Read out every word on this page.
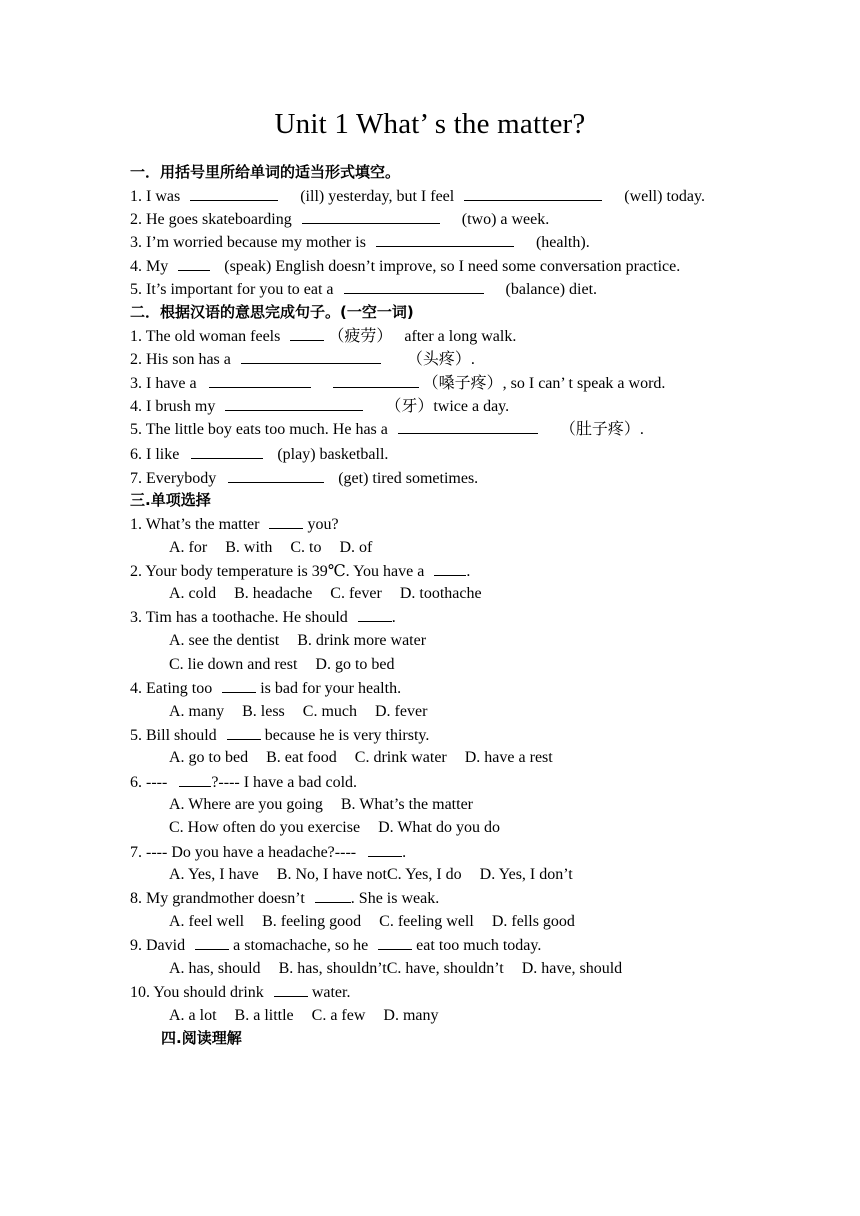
Unit 1 What’ s the matter?
一．用括号里所给单词的适当形式填空。
1. I was	(ill) yesterday, but I feel	(well) today.
2. He goes skateboarding	(two) a week.
3. I’m worried because my mother is	(health).
4. My	(speak) English doesn’t improve, so I need some conversation practice.
5. It’s important for you to eat a	(balance) diet.
二．根据汉语的意思完成句子。(一空一词)
1. The old woman feels	（疲劳） after a long walk.
2. His son has a	（头疼）.
3. I have a	（嗓子疼）, so I can’ t speak a word.
4. I brush my	（牙）twice a day.
5. The little boy eats too much. He has a	（肚子疼）.
6. I like	(play) basketball.
7. Everybody	(get) tired sometimes.
三.单项选择
1. What’s the matter	you?
A. for B. with C. to D. of
2. Your body temperature is 39℃. You have a	.
A. cold B. headache C. fever D. toothache
3. Tim has a toothache. He should	.
A. see the dentist B. drink more water
C. lie down and rest D. go to bed
4. Eating too	is bad for your health.
A. many B. less C. much D. fever
5. Bill should	because he is very thirsty.
A. go to bed B. eat food C. drink water D. have a rest
6. ----	?---- I have a bad cold.
A. Where are you going B. What’s the matter
C. How often do you exercise D. What do you do
7. ---- Do you have a headache?----	.
A. Yes, I have B. No, I have notC. Yes, I do D. Yes, I don’t
8. My grandmother doesn’t	. She is weak.
A. feel well B. feeling good C. feeling well D. fells good
9. David	a stomachache, so he	eat too much today.
A. has, should B. has, shouldn’tC. have, shouldn’t D. have, should
10. You should drink	water.
A. a lot B. a little C. a few D. many
四.阅读理解
